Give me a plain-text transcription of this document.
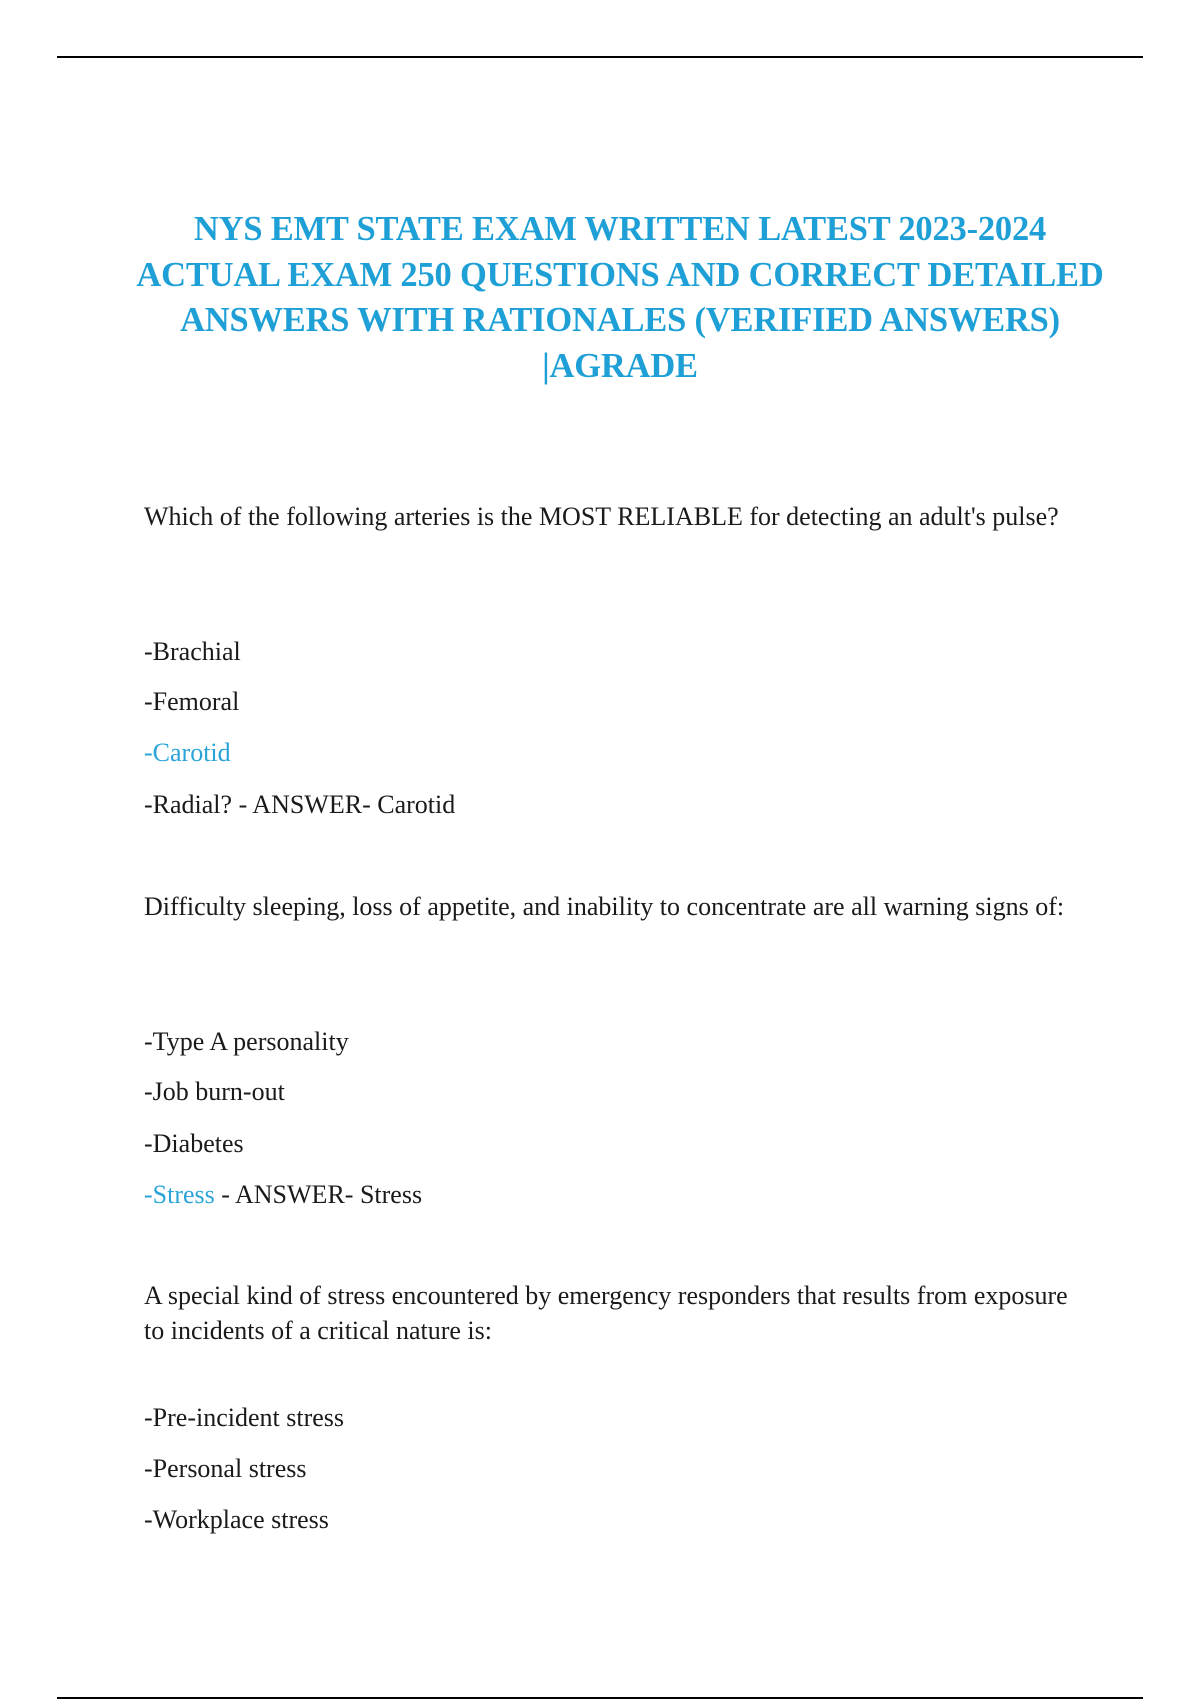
NYS EMT STATE EXAM WRITTEN LATEST 2023-2024 ACTUAL EXAM 250 QUESTIONS AND CORRECT DETAILED ANSWERS WITH RATIONALES (VERIFIED ANSWERS) |AGRADE

Which of the following arteries is the MOST RELIABLE for detecting an adult's pulse?

-Brachial

-Femoral

-Carotid

-Radial? - ANSWER- Carotid

Difficulty sleeping, loss of appetite, and inability to concentrate are all warning signs of:

-Type A personality

-Job burn-out

-Diabetes

-Stress - ANSWER- Stress

A special kind of stress encountered by emergency responders that results from exposure to incidents of a critical nature is:

-Pre-incident stress

-Personal stress

-Workplace stress
